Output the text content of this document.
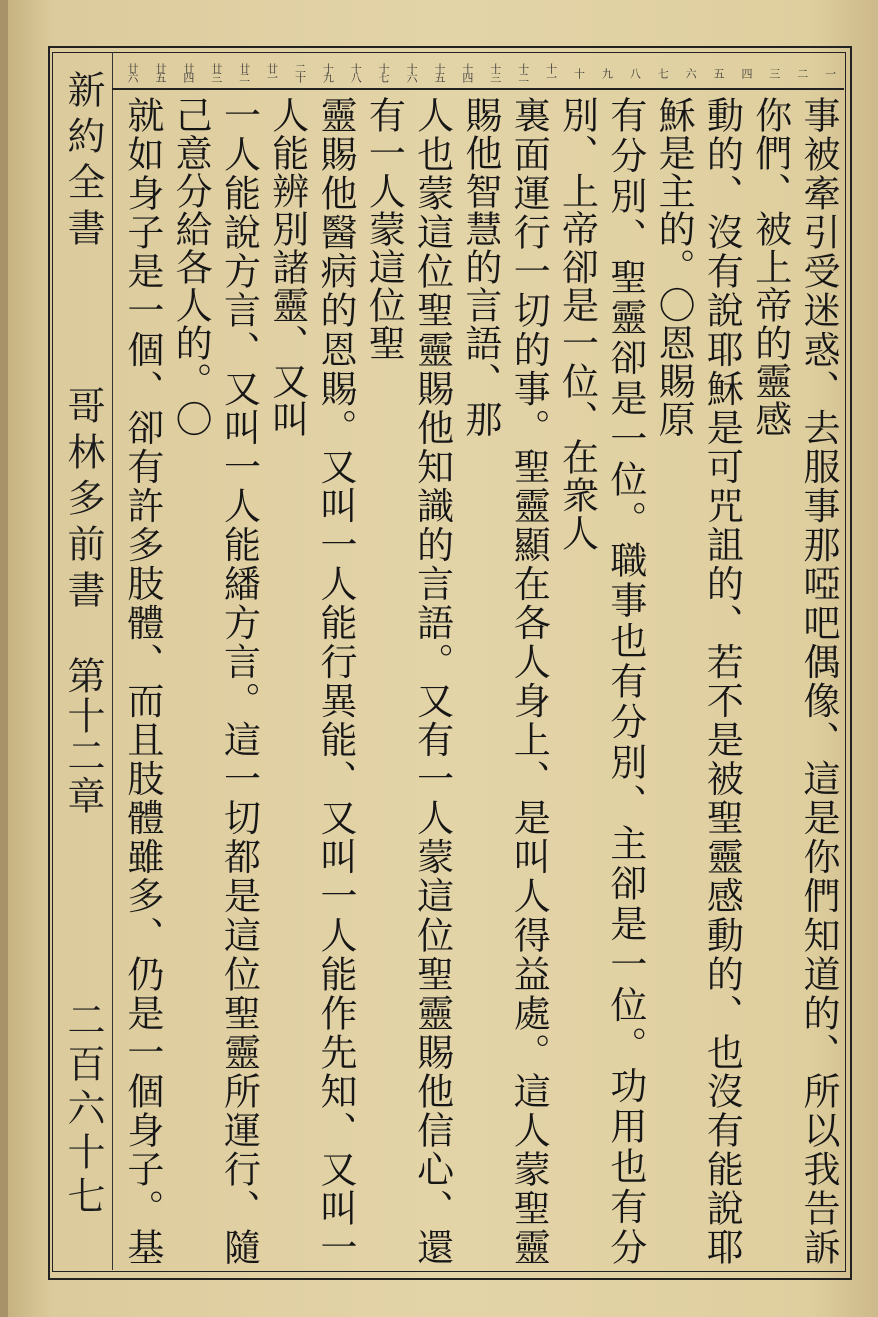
一
二
三
四
五
六
七
八
九
十
十一
十二
十三
十四
十五
十六
十七
十八
十九
二十
廿一
廿二
廿三
廿四
廿五
廿六
新約全書
哥林多前書
第十二章
二百六十七	事被牽引受迷惑、去服事那啞吧偶像、這是你們知道的、所以我告訴你們、被上帝的靈感

動的、沒有說耶穌是可咒詛的、若不是被聖靈感動的、也沒有能說耶穌是主的。〇恩賜原

有分別、聖靈卻是一位。職事也有分別、主卻是一位。功用也有分別、上帝卻是一位、在衆人

裏面運行一切的事。聖靈顯在各人身上、是叫人得益處。這人蒙聖靈賜他智慧的言語、那

人也蒙這位聖靈賜他知識的言語。又有一人蒙這位聖靈賜他信心、還有一人蒙這位聖

靈賜他醫病的恩賜。又叫一人能行異能、又叫一人能作先知、又叫一人能辨別諸靈、又叫

一人能說方言、又叫一人能繙方言。這一切都是這位聖靈所運行、隨己意分給各人的。〇

就如身子是一個、卻有許多肢體、而且肢體雖多、仍是一個身子。基
